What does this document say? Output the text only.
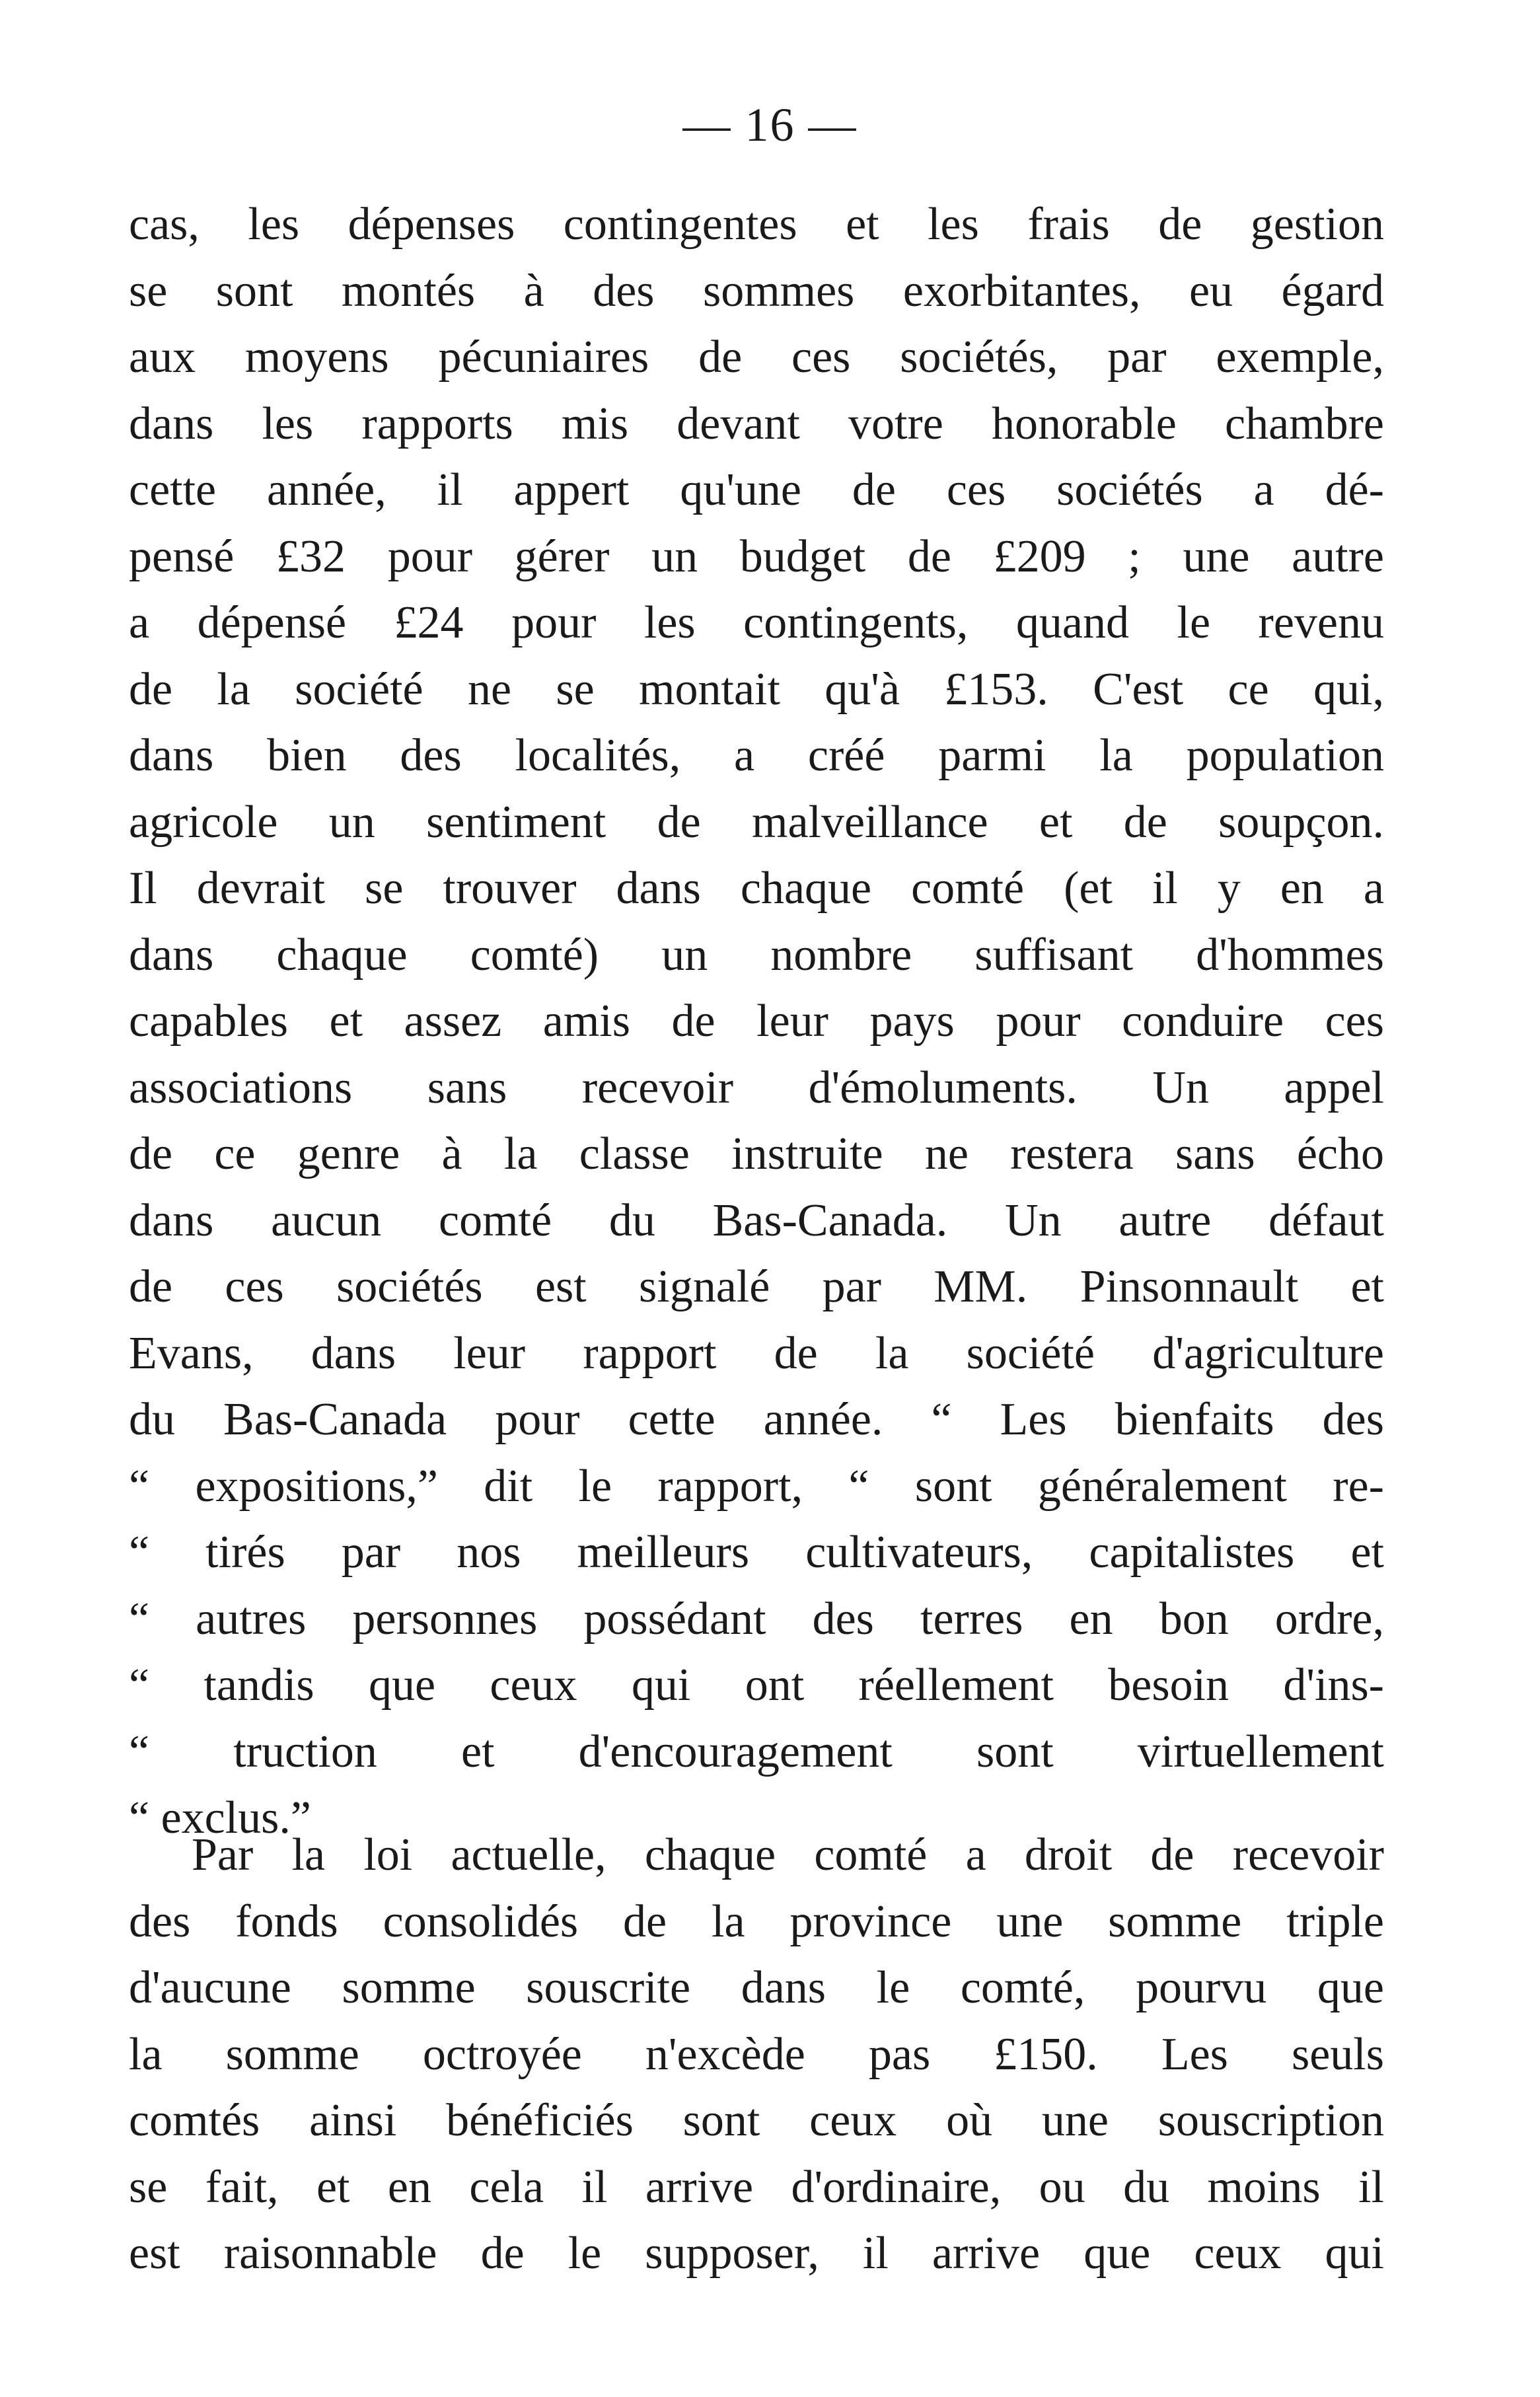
— 16 —
cas, les dépenses contingentes et les frais de gestion
se sont montés à des sommes exorbitantes, eu égard
aux moyens pécuniaires de ces sociétés, par exemple,
dans les rapports mis devant votre honorable chambre
cette année, il appert qu'une de ces sociétés a dé-
pensé £32 pour gérer un budget de £209 ; une autre
a dépensé £24 pour les contingents, quand le revenu
de la société ne se montait qu'à £153. C'est ce qui,
dans bien des localités, a créé parmi la population
agricole un sentiment de malveillance et de soupçon.
Il devrait se trouver dans chaque comté (et il y en a
dans chaque comté) un nombre suffisant d'hommes
capables et assez amis de leur pays pour conduire ces
associations sans recevoir d'émoluments. Un appel
de ce genre à la classe instruite ne restera sans écho
dans aucun comté du Bas-Canada. Un autre défaut
de ces sociétés est signalé par MM. Pinsonnault et
Evans, dans leur rapport de la société d'agriculture
du Bas-Canada pour cette année. “ Les bienfaits des
“ expositions,” dit le rapport, “ sont généralement re-
“ tirés par nos meilleurs cultivateurs, capitalistes et
“ autres personnes possédant des terres en bon ordre,
“ tandis que ceux qui ont réellement besoin d'ins-
“ truction et d'encouragement sont virtuellement
“ exclus.”
Par la loi actuelle, chaque comté a droit de recevoir
des fonds consolidés de la province une somme triple
d'aucune somme souscrite dans le comté, pourvu que
la somme octroyée n'excède pas £150. Les seuls
comtés ainsi bénéficiés sont ceux où une souscription
se fait, et en cela il arrive d'ordinaire, ou du moins il
est raisonnable de le supposer, il arrive que ceux qui
